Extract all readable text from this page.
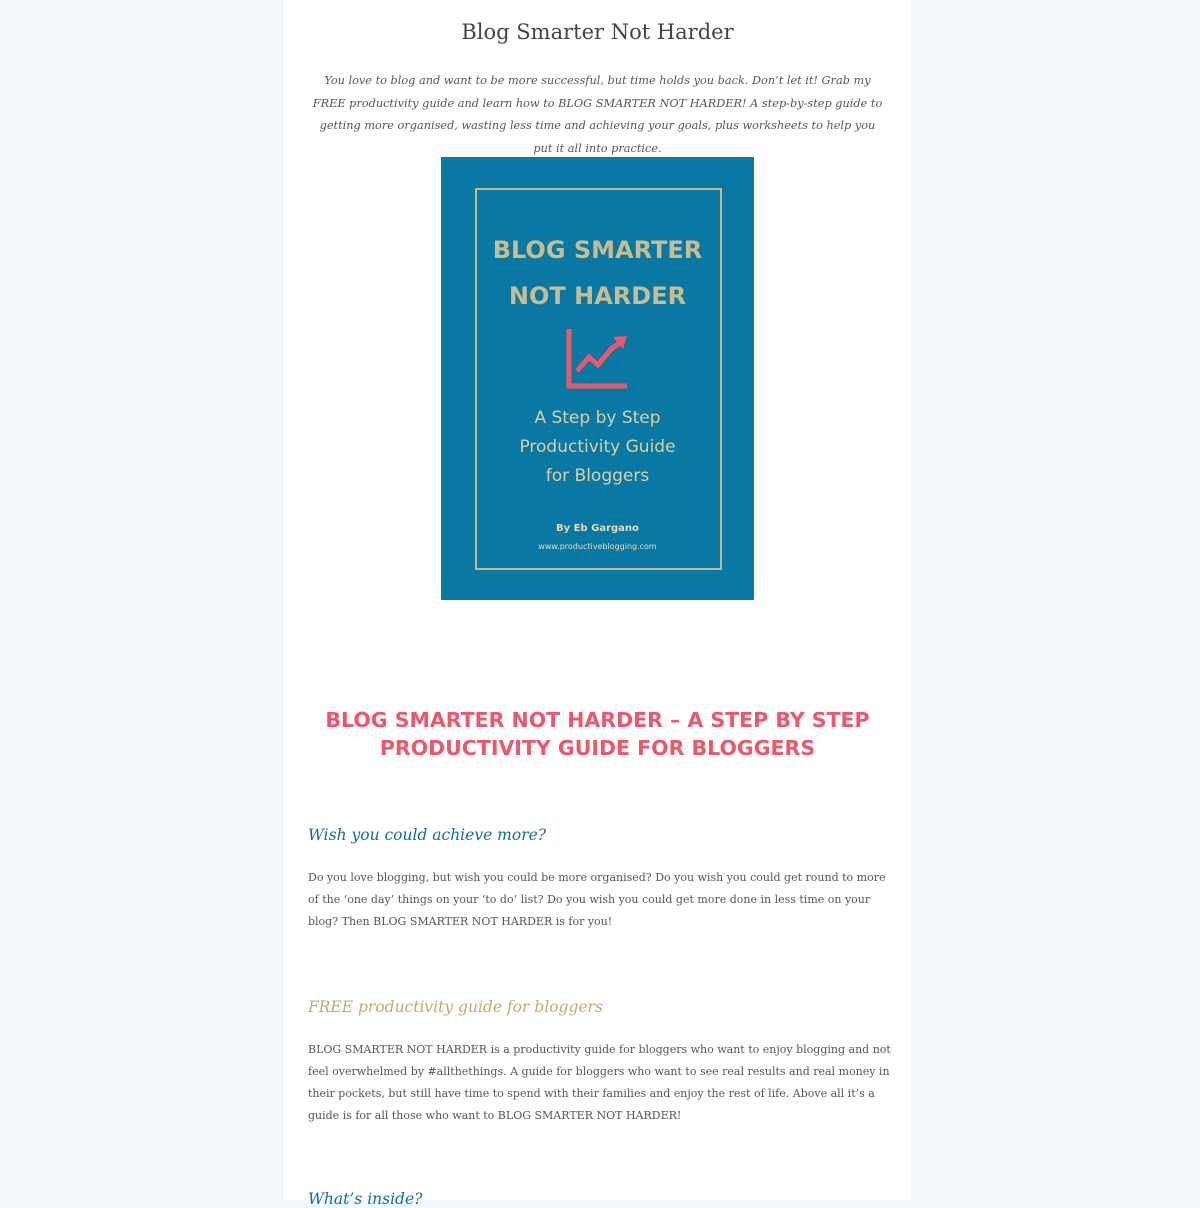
Blog Smarter Not Harder

You love to blog and want to be more successful, but time holds you back. Don’t let it! Grab my FREE productivity guide and learn how to BLOG SMARTER NOT HARDER! A step-by-step guide to getting more organised, wasting less time and achieving your goals, plus worksheets to help you put it all into practice.

BLOG SMARTER
NOT HARDER
A Step by Step
Productivity Guide
for Bloggers
By Eb Gargano
www.productiveblogging.com
BLOG SMARTER NOT HARDER – A STEP BY STEP
PRODUCTIVITY GUIDE FOR BLOGGERS
Wish you could achieve more?

Do you love blogging, but wish you could be more organised? Do you wish you could get round to more of the ‘one day’ things on your ‘to do’ list? Do you wish you could get more done in less time on your blog? Then BLOG SMARTER NOT HARDER is for you!

FREE productivity guide for bloggers

BLOG SMARTER NOT HARDER is a productivity guide for bloggers who want to enjoy blogging and not feel overwhelmed by #allthethings. A guide for bloggers who want to see real results and real money in their pockets, but still have time to spend with their families and enjoy the rest of life. Above all it’s a guide is for all those who want to BLOG SMARTER NOT HARDER!

What’s inside?
